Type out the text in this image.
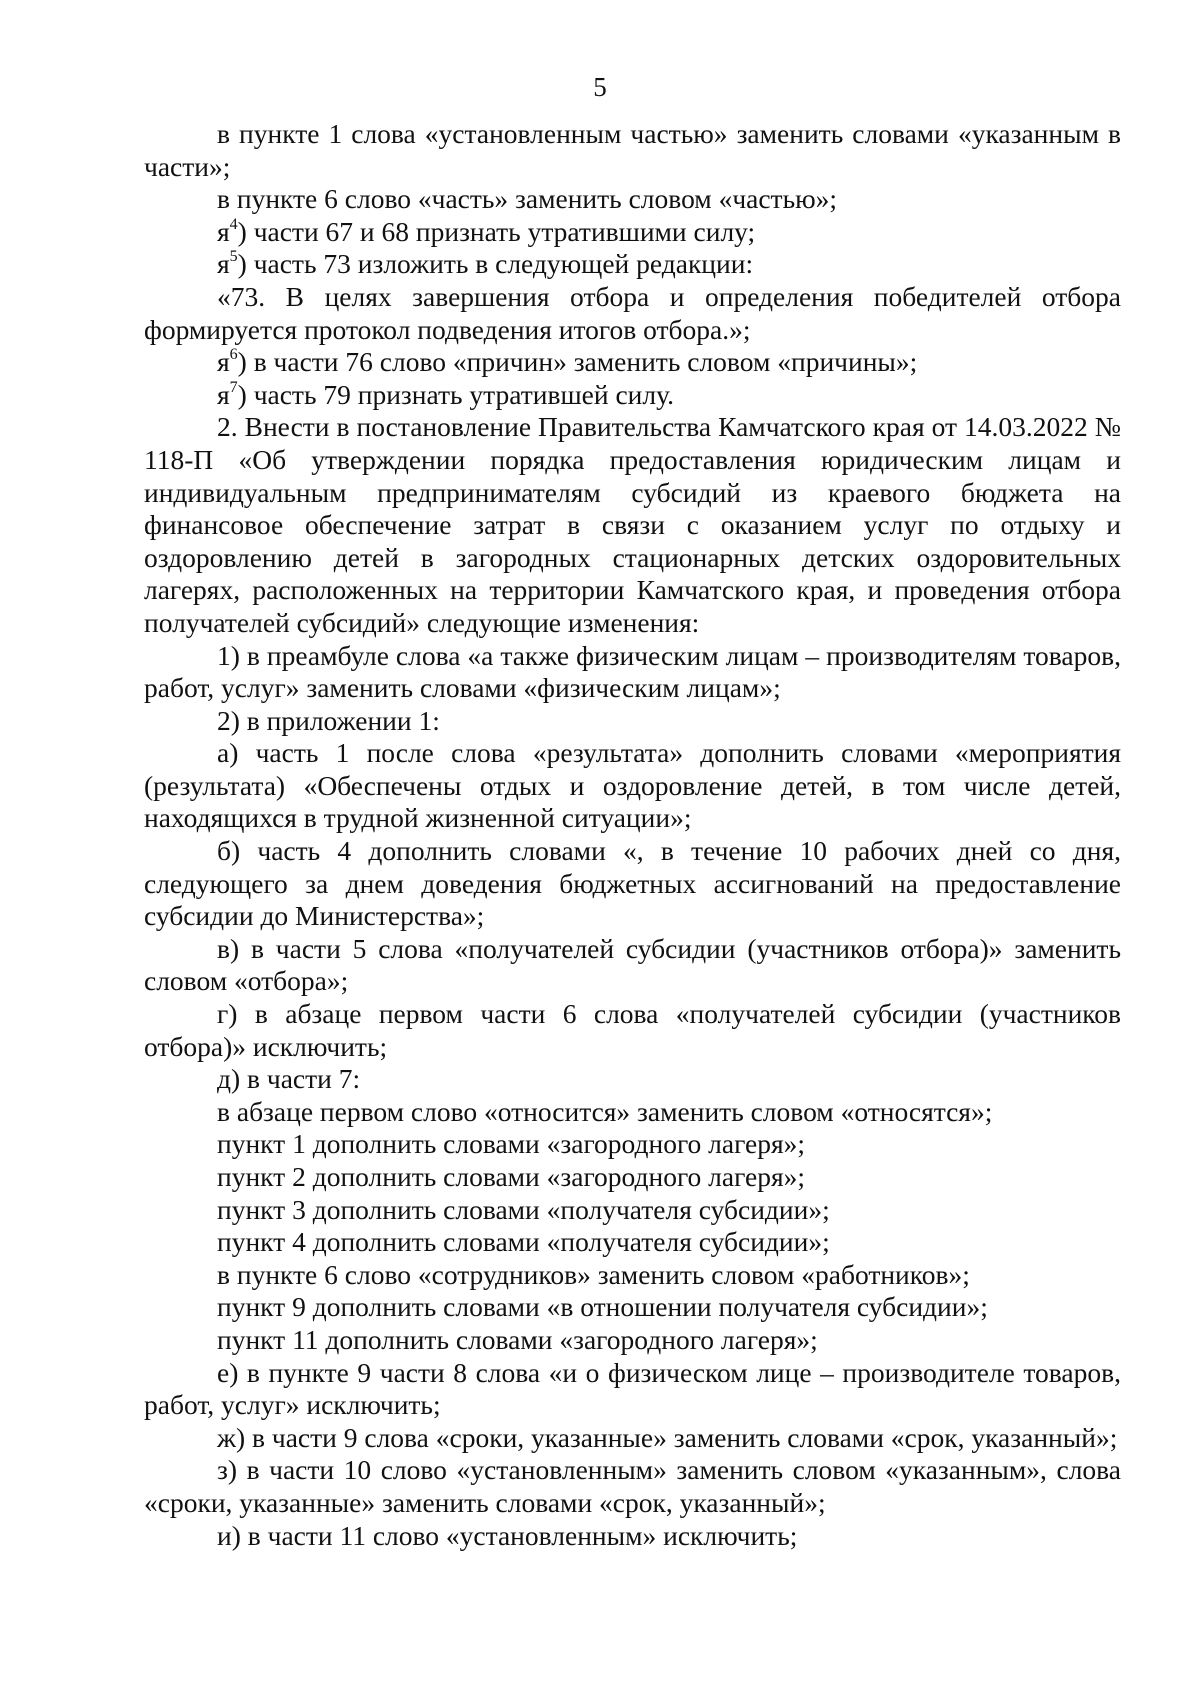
5

в пункте 1 слова «установленным частью» заменить словами «указанным в части»;

в пункте 6 слово «часть» заменить словом «частью»;

$я^4$) части 67 и 68 признать утратившими силу;

$я^5$) часть 73 изложить в следующей редакции:

«73. В целях завершения отбора и определения победителей отбора формируется протокол подведения итогов отбора.»;

$я^6$) в части 76 слово «причин» заменить словом «причины»;

$я^7$) часть 79 признать утратившей силу.

2. Внести в постановление Правительства Камчатского края от 14.03.2022 № 118-П «Об утверждении порядка предоставления юридическим лицам и индивидуальным предпринимателям субсидий из краевого бюджета на финансовое обеспечение затрат в связи с оказанием услуг по отдыху и оздоровлению детей в загородных стационарных детских оздоровительных лагерях, расположенных на территории Камчатского края, и проведения отбора получателей субсидий» следующие изменения:

1) в преамбуле слова «а также физическим лицам – производителям товаров, работ, услуг» заменить словами «физическим лицам»;

2) в приложении 1:

а) часть 1 после слова «результата» дополнить словами «мероприятия (результата) «Обеспечены отдых и оздоровление детей, в том числе детей, находящихся в трудной жизненной ситуации»;

б) часть 4 дополнить словами «, в течение 10 рабочих дней со дня, следующего за днем доведения бюджетных ассигнований на предоставление субсидии до Министерства»;

в) в части 5 слова «получателей субсидии (участников отбора)» заменить словом «отбора»;

г) в абзаце первом части 6 слова «получателей субсидии (участников отбора)» исключить;

д) в части 7:

в абзаце первом слово «относится» заменить словом «относятся»;

пункт 1 дополнить словами «загородного лагеря»;

пункт 2 дополнить словами «загородного лагеря»;

пункт 3 дополнить словами «получателя субсидии»;

пункт 4 дополнить словами «получателя субсидии»;

в пункте 6 слово «сотрудников» заменить словом «работников»;

пункт 9 дополнить словами «в отношении получателя субсидии»;

пункт 11 дополнить словами «загородного лагеря»;

е) в пункте 9 части 8 слова «и о физическом лице – производителе товаров, работ, услуг» исключить;

ж) в части 9 слова «сроки, указанные» заменить словами «срок, указанный»;

з) в части 10 слово «установленным» заменить словом «указанным», слова «сроки, указанные» заменить словами «срок, указанный»;

и) в части 11 слово «установленным» исключить;
